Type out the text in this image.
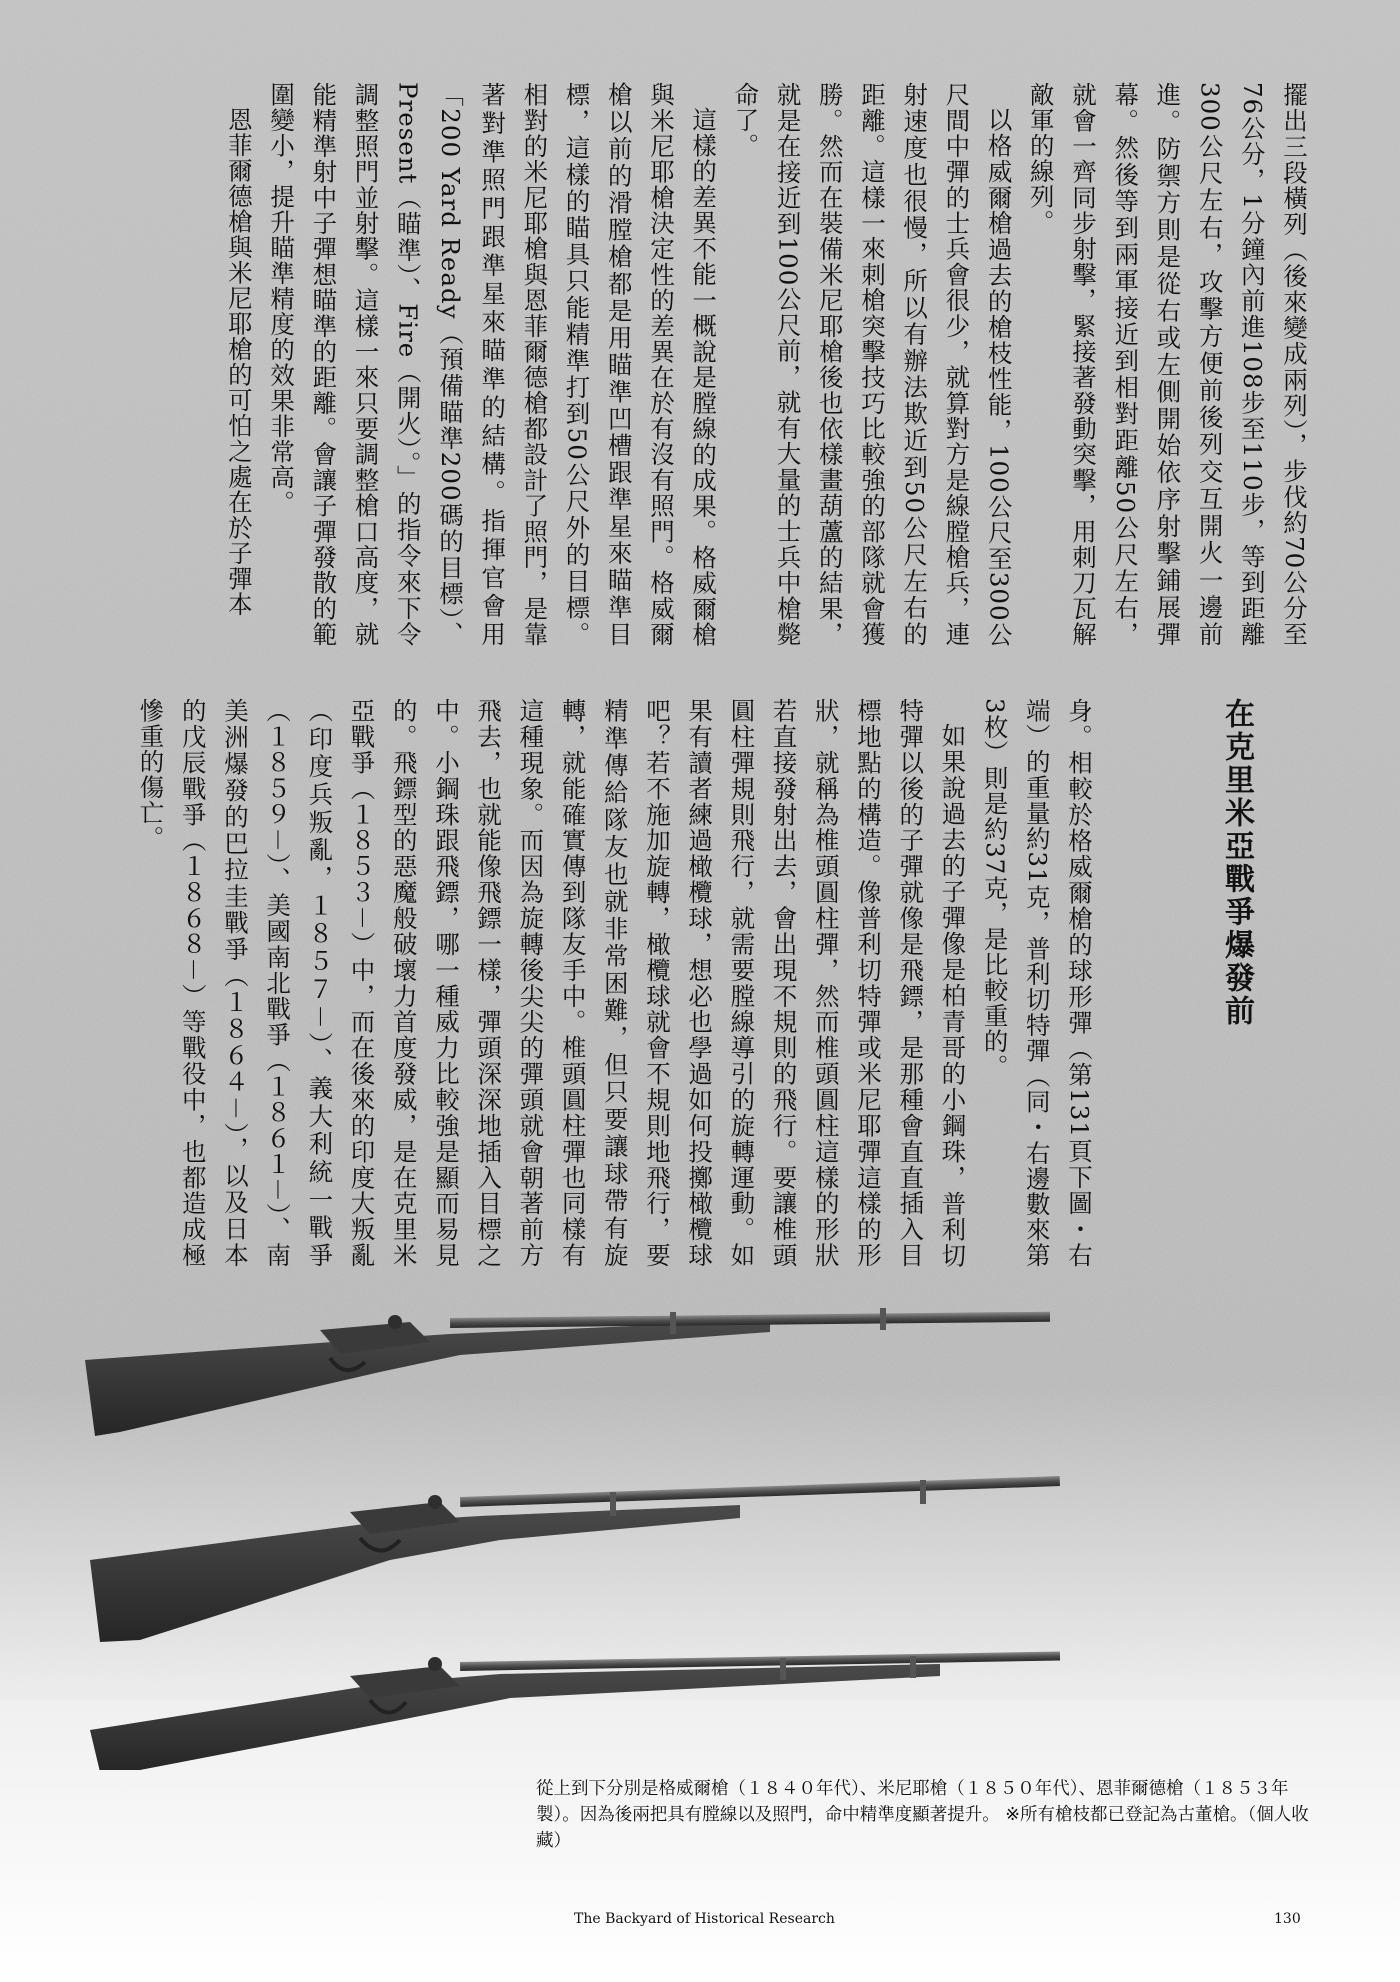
擺出三段橫列（後來變成兩列），步伐約70公分至76公分，1分鐘內前進108步至110步，等到距離300公尺左右，攻擊方便前後列交互開火一邊前進。防禦方則是從右或左側開始依序射擊鋪展彈幕。然後等到兩軍接近到相對距離50公尺左右，就會一齊同步射擊，緊接著發動突擊，用刺刀瓦解敵軍的線列。

以格威爾槍過去的槍枝性能，100公尺至300公尺間中彈的士兵會很少，就算對方是線膛槍兵，連射速度也很慢，所以有辦法欺近到50公尺左右的距離。這樣一來刺槍突擊技巧比較強的部隊就會獲勝。然而在裝備米尼耶槍後也依樣畫葫蘆的結果，就是在接近到100公尺前，就有大量的士兵中槍斃命了。

這樣的差異不能一概說是膛線的成果。格威爾槍與米尼耶槍決定性的差異在於有沒有照門。格威爾槍以前的滑膛槍都是用瞄準凹槽跟準星來瞄準目標，這樣的瞄具只能精準打到50公尺外的目標。相對的米尼耶槍與恩菲爾德槍都設計了照門，是靠著對準照門跟準星來瞄準的結構。指揮官會用「200 Yard Ready（預備瞄準200碼的目標）、Present（瞄準）、Fire（開火）。」的指令來下令調整照門並射擊。這樣一來只要調整槍口高度，就能精準射中子彈想瞄準的距離。會讓子彈發散的範圍變小，提升瞄準精度的效果非常高。

恩菲爾德槍與米尼耶槍的可怕之處在於子彈本

身。相較於格威爾槍的球形彈（第131頁下圖・右端）的重量約31克，普利切特彈（同・右邊數來第3枚）則是約37克，是比較重的。

如果說過去的子彈像是柏青哥的小鋼珠，普利切特彈以後的子彈就像是飛鏢，是那種會直直插入目標地點的構造。像普利切特彈或米尼耶彈這樣的形狀，就稱為椎頭圓柱彈，然而椎頭圓柱這樣的形狀若直接發射出去，會出現不規則的飛行。要讓椎頭圓柱彈規則飛行，就需要膛線導引的旋轉運動。如果有讀者練過橄欖球，想必也學過如何投擲橄欖球吧？若不施加旋轉，橄欖球就會不規則地飛行，要精準傳給隊友也就非常困難，但只要讓球帶有旋轉，就能確實傳到隊友手中。椎頭圓柱彈也同樣有這種現象。而因為旋轉後尖尖的彈頭就會朝著前方飛去，也就能像飛鏢一樣，彈頭深深地插入目標之中。小鋼珠跟飛鏢，哪一種威力比較強是顯而易見的。飛鏢型的惡魔般破壞力首度發威，是在克里米亞戰爭（１８５３－）中，而在後來的印度大叛亂（印度兵叛亂，１８５７－）、義大利統一戰爭（１８５９－）、美國南北戰爭（１８６１－）、南美洲爆發的巴拉圭戰爭（１８６４－），以及日本的戊辰戰爭（１８６８－）等戰役中，也都造成極慘重的傷亡。	在克里米亞戰爭爆發前
從上到下分別是格威爾槍（１８４０年代）、米尼耶槍（１８５０年代）、恩菲爾德槍（１８５３年製）。因為後兩把具有膛線以及照門，命中精準度顯著提升。 ※所有槍枝都已登記為古董槍。（個人收藏）
The Backyard of Historical Research	130
